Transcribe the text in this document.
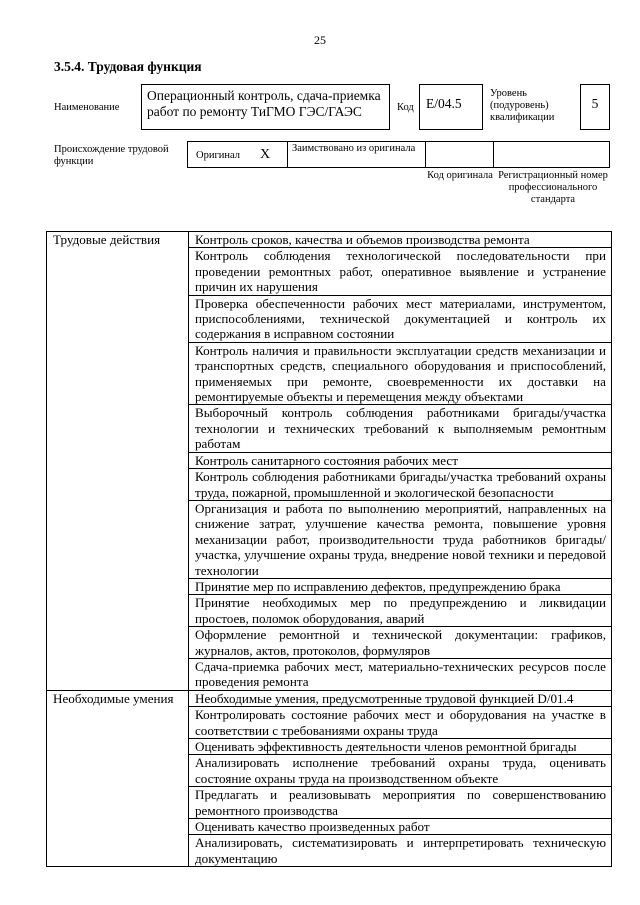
25
3.5.4. Трудовая функция
Наименование
Операционный контроль, сдача-приемка работ по ремонту ТиГМО ГЭС/ГАЭС	Код E/04.5
Уровень (подуровень) квалификации
5
Происхождение трудовой функции
Оригинал X Заимствовано из оригинала
Код оригинала Регистрационный номер профессионального стандарта
Трудовые действия	Контроль сроков, качества и объемов производства ремонта
	Контроль соблюдения технологической последовательности при проведении ремонтных работ, оперативное выявление и устранение причин их нарушения
	Проверка обеспеченности рабочих мест материалами, инструментом, приспособлениями, технической документацией и контроль их содержания в исправном состоянии
	Контроль наличия и правильности эксплуатации средств механизации и транспортных средств, специального оборудования и приспособлений, применяемых при ремонте, своевременности их доставки на ремонтируемые объекты и перемещения между объектами
	Выборочный контроль соблюдения работниками бригады/участка технологии и технических требований к выполняемым ремонтным работам
	Контроль санитарного состояния рабочих мест
	Контроль соблюдения работниками бригады/участка требований охраны труда, пожарной, промышленной и экологической безопасности
	Организация и работа по выполнению мероприятий, направленных на снижение затрат, улучшение качества ремонта, повышение уровня механизации работ, производительности труда работников бригады/участка, улучшение охраны труда, внедрение новой техники и передовой технологии
	Принятие мер по исправлению дефектов, предупреждению брака
	Принятие необходимых мер по предупреждению и ликвидации простоев, поломок оборудования, аварий
	Оформление ремонтной и технической документации: графиков, журналов, актов, протоколов, формуляров
	Сдача-приемка рабочих мест, материально-технических ресурсов после проведения ремонта
Необходимые умения	Необходимые умения, предусмотренные трудовой функцией D/01.4
	Контролировать состояние рабочих мест и оборудования на участке в соответствии с требованиями охраны труда
	Оценивать эффективность деятельности членов ремонтной бригады
	Анализировать исполнение требований охраны труда, оценивать состояние охраны труда на производственном объекте
	Предлагать и реализовывать мероприятия по совершенствованию ремонтного производства
	Оценивать качество произведенных работ
	Анализировать, систематизировать и интерпретировать техническую документацию
